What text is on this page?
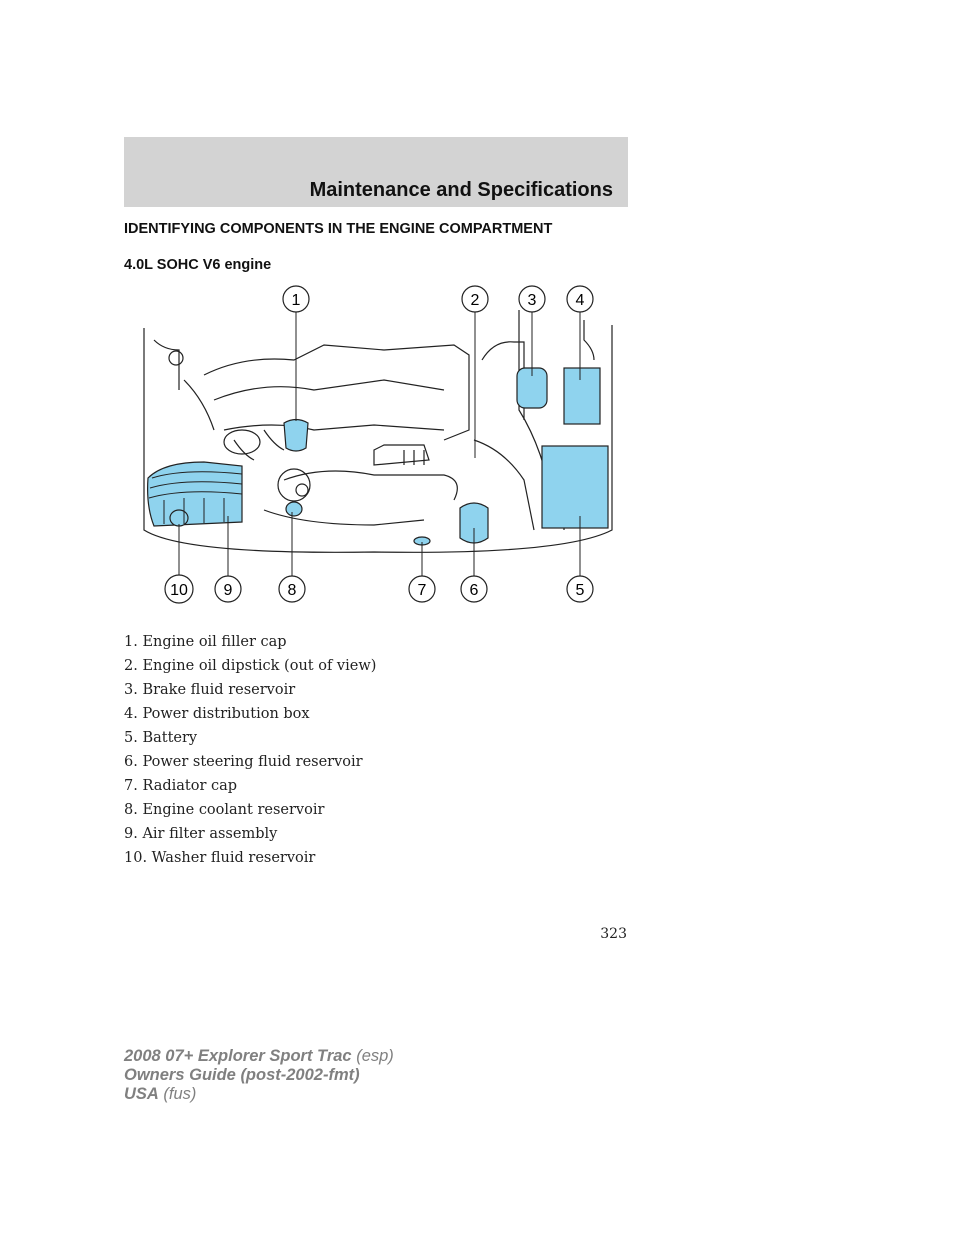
Maintenance and Specifications
IDENTIFYING COMPONENTS IN THE ENGINE COMPARTMENT
4.0L SOHC V6 engine
1	2	3 4
5
6
7
8
9
10
1. Engine oil filler cap
2. Engine oil dipstick (out of view)
3. Brake fluid reservoir
4. Power distribution box
5. Battery
6. Power steering fluid reservoir
7. Radiator cap
8. Engine coolant reservoir
9. Air filter assembly
10. Washer fluid reservoir
323
2008 07+ Explorer Sport Trac (esp)
Owners Guide (post-2002-fmt)
USA (fus)
